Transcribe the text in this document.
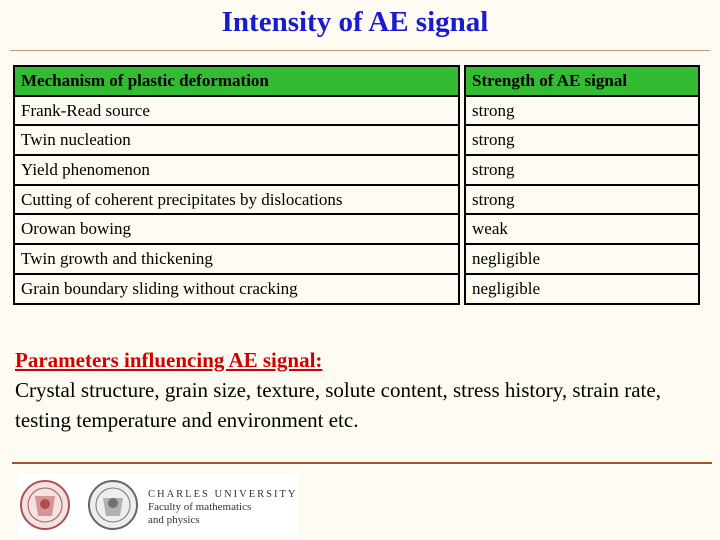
Intensity of AE signal
Mechanism of plastic deformation		Strength of AE signal
Frank-Read source		strong
Twin nucleation		strong
Yield phenomenon		strong
Cutting of coherent precipitates by dislocations		strong
Orowan bowing		weak
Twin growth and thickening		negligible
Grain boundary sliding without cracking		negligible
Parameters influencing AE signal:
Crystal structure, grain size, texture, solute content, stress history, strain rate, testing temperature and environment etc.
CHARLES UNIVERSITY
Faculty of mathematics
and physics
